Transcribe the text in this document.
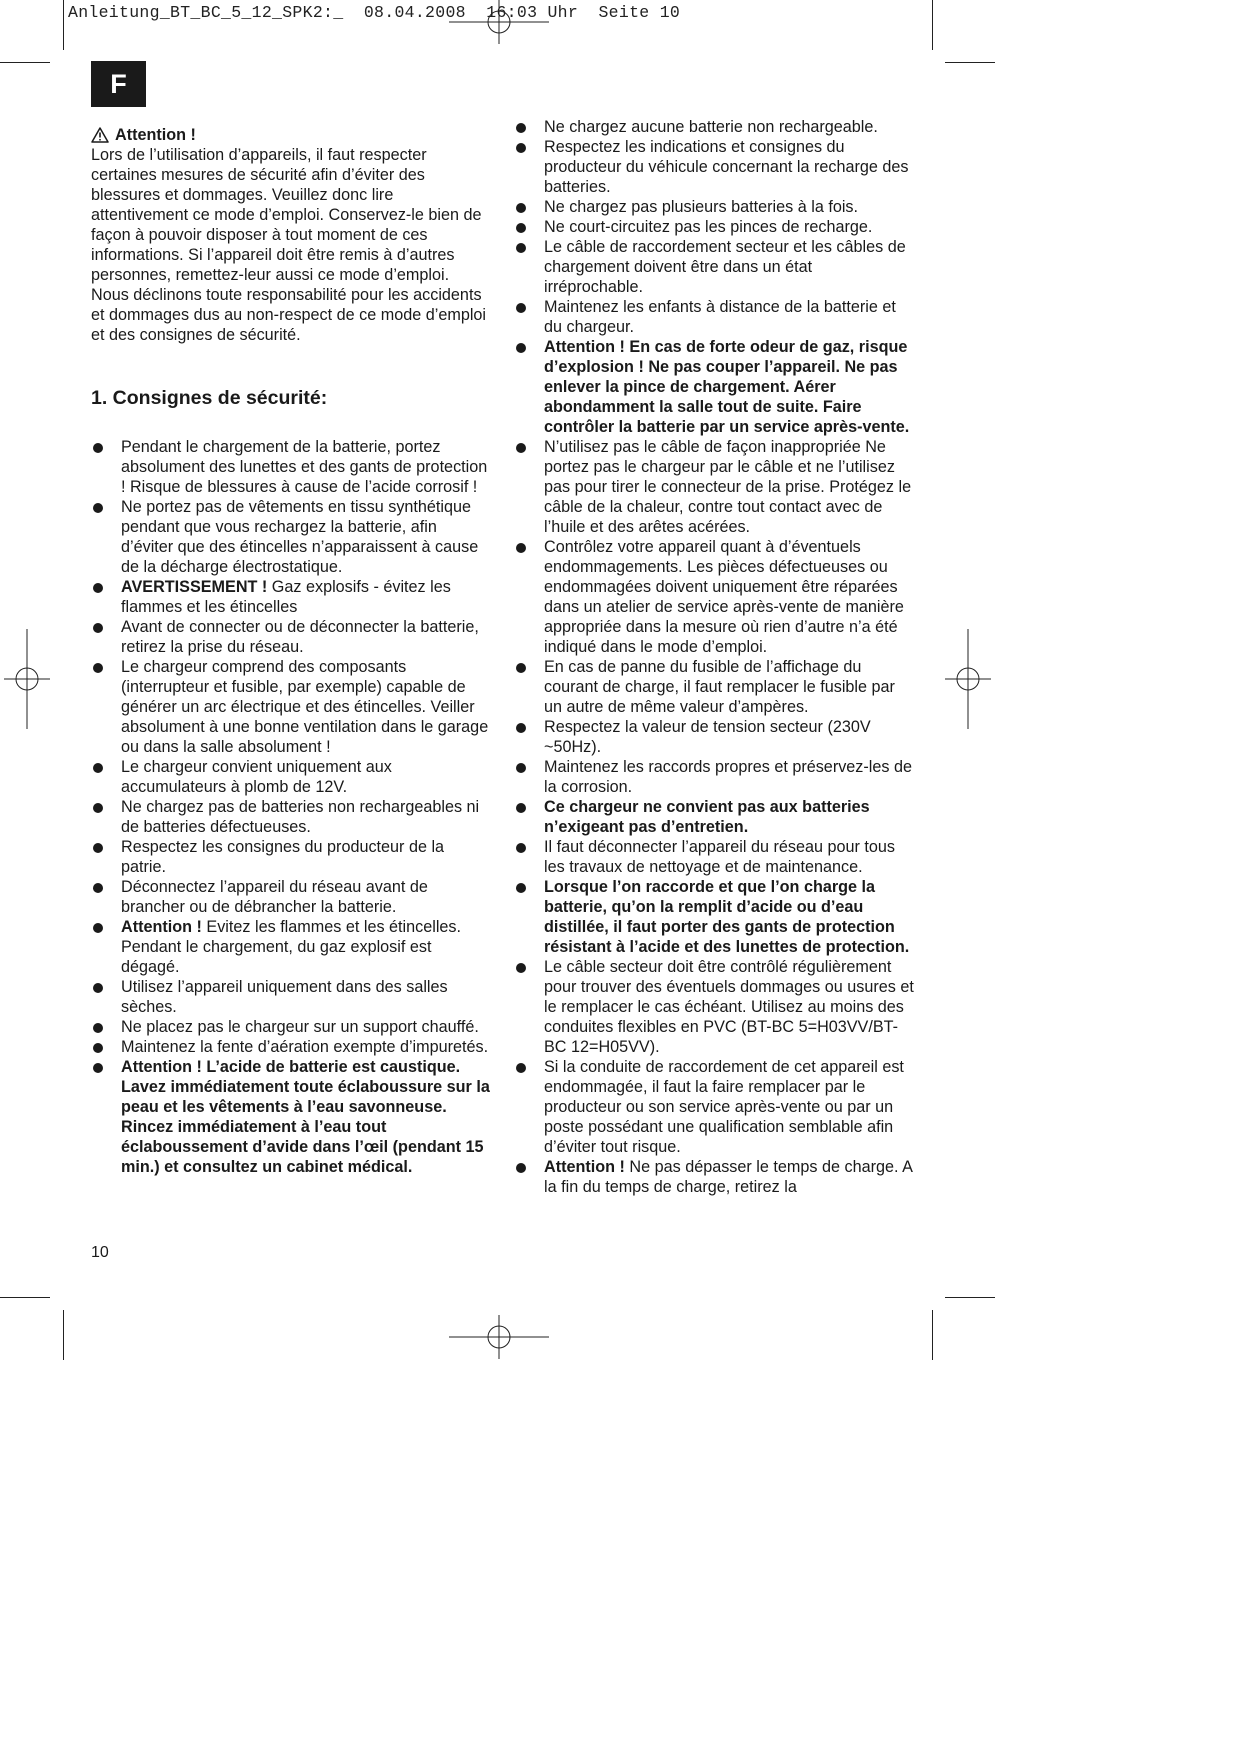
Anleitung_BT_BC_5_12_SPK2:_  08.04.2008  16:03 Uhr  Seite 10
F
Attention !

Lors de l’utilisation d’appareils, il faut respecter certaines mesures de sécurité afin d’éviter des blessures et dommages. Veuillez donc lire attentivement ce mode d’emploi. Conservez-le bien de façon à pouvoir disposer à tout moment de ces informations. Si l’appareil doit être remis à d’autres personnes, remettez-leur aussi ce mode d’emploi. Nous déclinons toute responsabilité pour les accidents et dommages dus au non-respect de ce mode d’emploi et des consignes de sécurité.

1. Consignes de sécurité:
Pendant le chargement de la batterie, portez absolument des lunettes et des gants de protection ! Risque de blessures à cause de l’acide corrosif !
Ne portez pas de vêtements en tissu synthétique pendant que vous rechargez la batterie, afin d’éviter que des étincelles n’apparaissent à cause de la décharge électrostatique.
AVERTISSEMENT ! Gaz explosifs - évitez les flammes et les étincelles
Avant de connecter ou de déconnecter la batterie, retirez la prise du réseau.
Le chargeur comprend des composants (interrupteur et fusible, par exemple) capable de générer un arc électrique et des étincelles. Veiller absolument à une bonne ventilation dans le garage ou dans la salle absolument !
Le chargeur convient uniquement aux accumulateurs à plomb de 12V.
Ne chargez pas de batteries non rechargeables ni de batteries défectueuses.
Respectez les consignes du producteur de la patrie.
Déconnectez l’appareil du réseau avant de brancher ou de débrancher la batterie.
Attention ! Evitez les flammes et les étincelles. Pendant le chargement, du gaz explosif est dégagé.
Utilisez l’appareil uniquement dans des salles sèches.
Ne placez pas le chargeur sur un support chauffé.
Maintenez la fente d’aération exempte d’impuretés.
Attention ! L’acide de batterie est caustique. Lavez immédiatement toute éclaboussure sur la peau et les vêtements à l’eau savonneuse. Rincez immédiatement à l’eau tout éclaboussement d’avide dans l’œil (pendant 15 min.) et consultez un cabinet médical.
Ne chargez aucune batterie non rechargeable.
Respectez les indications et consignes du producteur du véhicule concernant la recharge des batteries.
Ne chargez pas plusieurs batteries à la fois.
Ne court-circuitez pas les pinces de recharge.
Le câble de raccordement secteur et les câbles de chargement doivent être dans un état irréprochable.
Maintenez les enfants à distance de la batterie et du chargeur.
Attention ! En cas de forte odeur de gaz, risque d’explosion ! Ne pas couper l’appareil. Ne pas enlever la pince de chargement. Aérer abondamment la salle tout de suite. Faire contrôler la batterie par un service après-vente.
N’utilisez pas le câble de façon inappropriée Ne portez pas le chargeur par le câble et ne l’utilisez pas pour tirer le connecteur de la prise. Protégez le câble de la chaleur, contre tout contact avec de l’huile et des arêtes acérées.
Contrôlez votre appareil quant à d’éventuels endommagements. Les pièces défectueuses ou endommagées doivent uniquement être réparées dans un atelier de service après-vente de manière appropriée dans la mesure où rien d’autre n’a été indiqué dans le mode d’emploi.
En cas de panne du fusible de l’affichage du courant de charge, il faut remplacer le fusible par un autre de même valeur d’ampères.
Respectez la valeur de tension secteur (230V ~50Hz).
Maintenez les raccords propres et préservez-les de la corrosion.
Ce chargeur ne convient pas aux batteries n’exigeant pas d’entretien.
Il faut déconnecter l’appareil du réseau pour tous les travaux de nettoyage et de maintenance.
Lorsque l’on raccorde et que l’on charge la batterie, qu’on la remplit d’acide ou d’eau distillée, il faut porter des gants de protection résistant à l’acide et des lunettes de protection.
Le câble secteur doit être contrôlé régulièrement pour trouver des éventuels dommages ou usures et le remplacer le cas échéant. Utilisez au moins des conduites flexibles en PVC (BT-BC 5=H03VV/BT-BC 12=H05VV).
Si la conduite de raccordement de cet appareil est endommagée, il faut la faire remplacer par le producteur ou son service après-vente ou par un poste possédant une qualification semblable afin d’éviter tout risque.
Attention ! Ne pas dépasser le temps de charge. A la fin du temps de charge, retirez la
10
